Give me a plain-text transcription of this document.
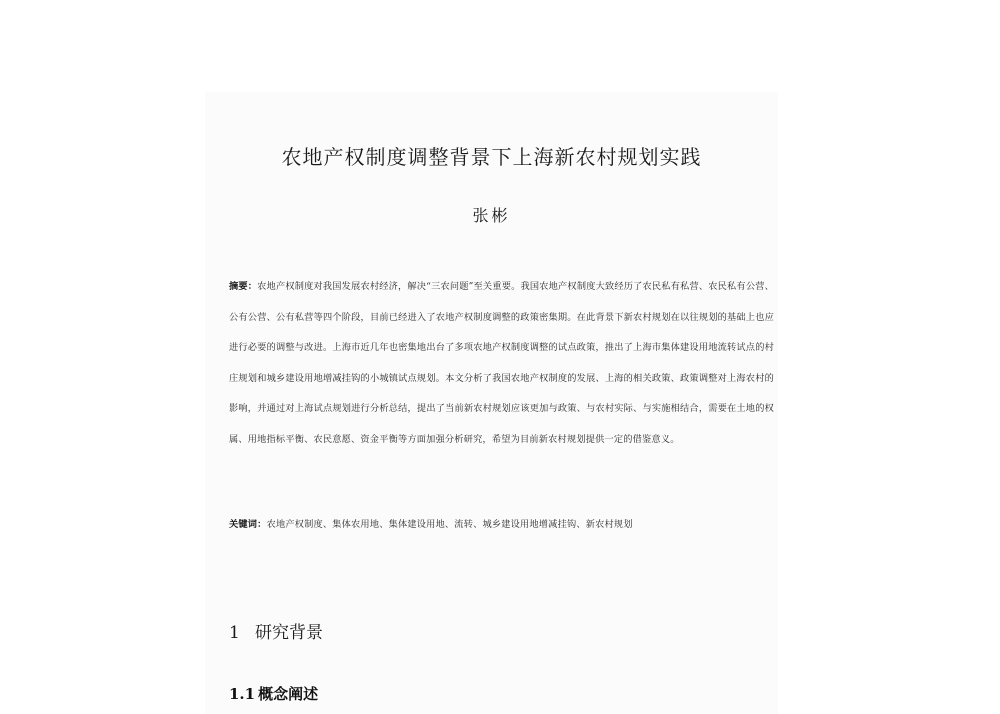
农地产权制度调整背景下上海新农村规划实践
张彬
摘要：农地产权制度对我国发展农村经济，解决“三农问题”至关重要。我国农地产权制度大致经历了农民私有私营、农民私有公营、公有公营、公有私营等四个阶段，目前已经进入了农地产权制度调整的政策密集期。在此背景下新农村规划在以往规划的基础上也应进行必要的调整与改进。上海市近几年也密集地出台了多项农地产权制度调整的试点政策，推出了上海市集体建设用地流转试点的村庄规划和城乡建设用地增减挂钩的小城镇试点规划。本文分析了我国农地产权制度的发展、上海的相关政策、政策调整对上海农村的影响，并通过对上海试点规划进行分析总结，提出了当前新农村规划应该更加与政策、与农村实际、与实施相结合，需要在土地的权属、用地指标平衡、农民意愿、资金平衡等方面加强分析研究，希望为目前新农村规划提供一定的借鉴意义。
关键词：农地产权制度、集体农用地、集体建设用地、流转、城乡建设用地增减挂钩、新农村规划
1 研究背景
1.1 概念阐述
